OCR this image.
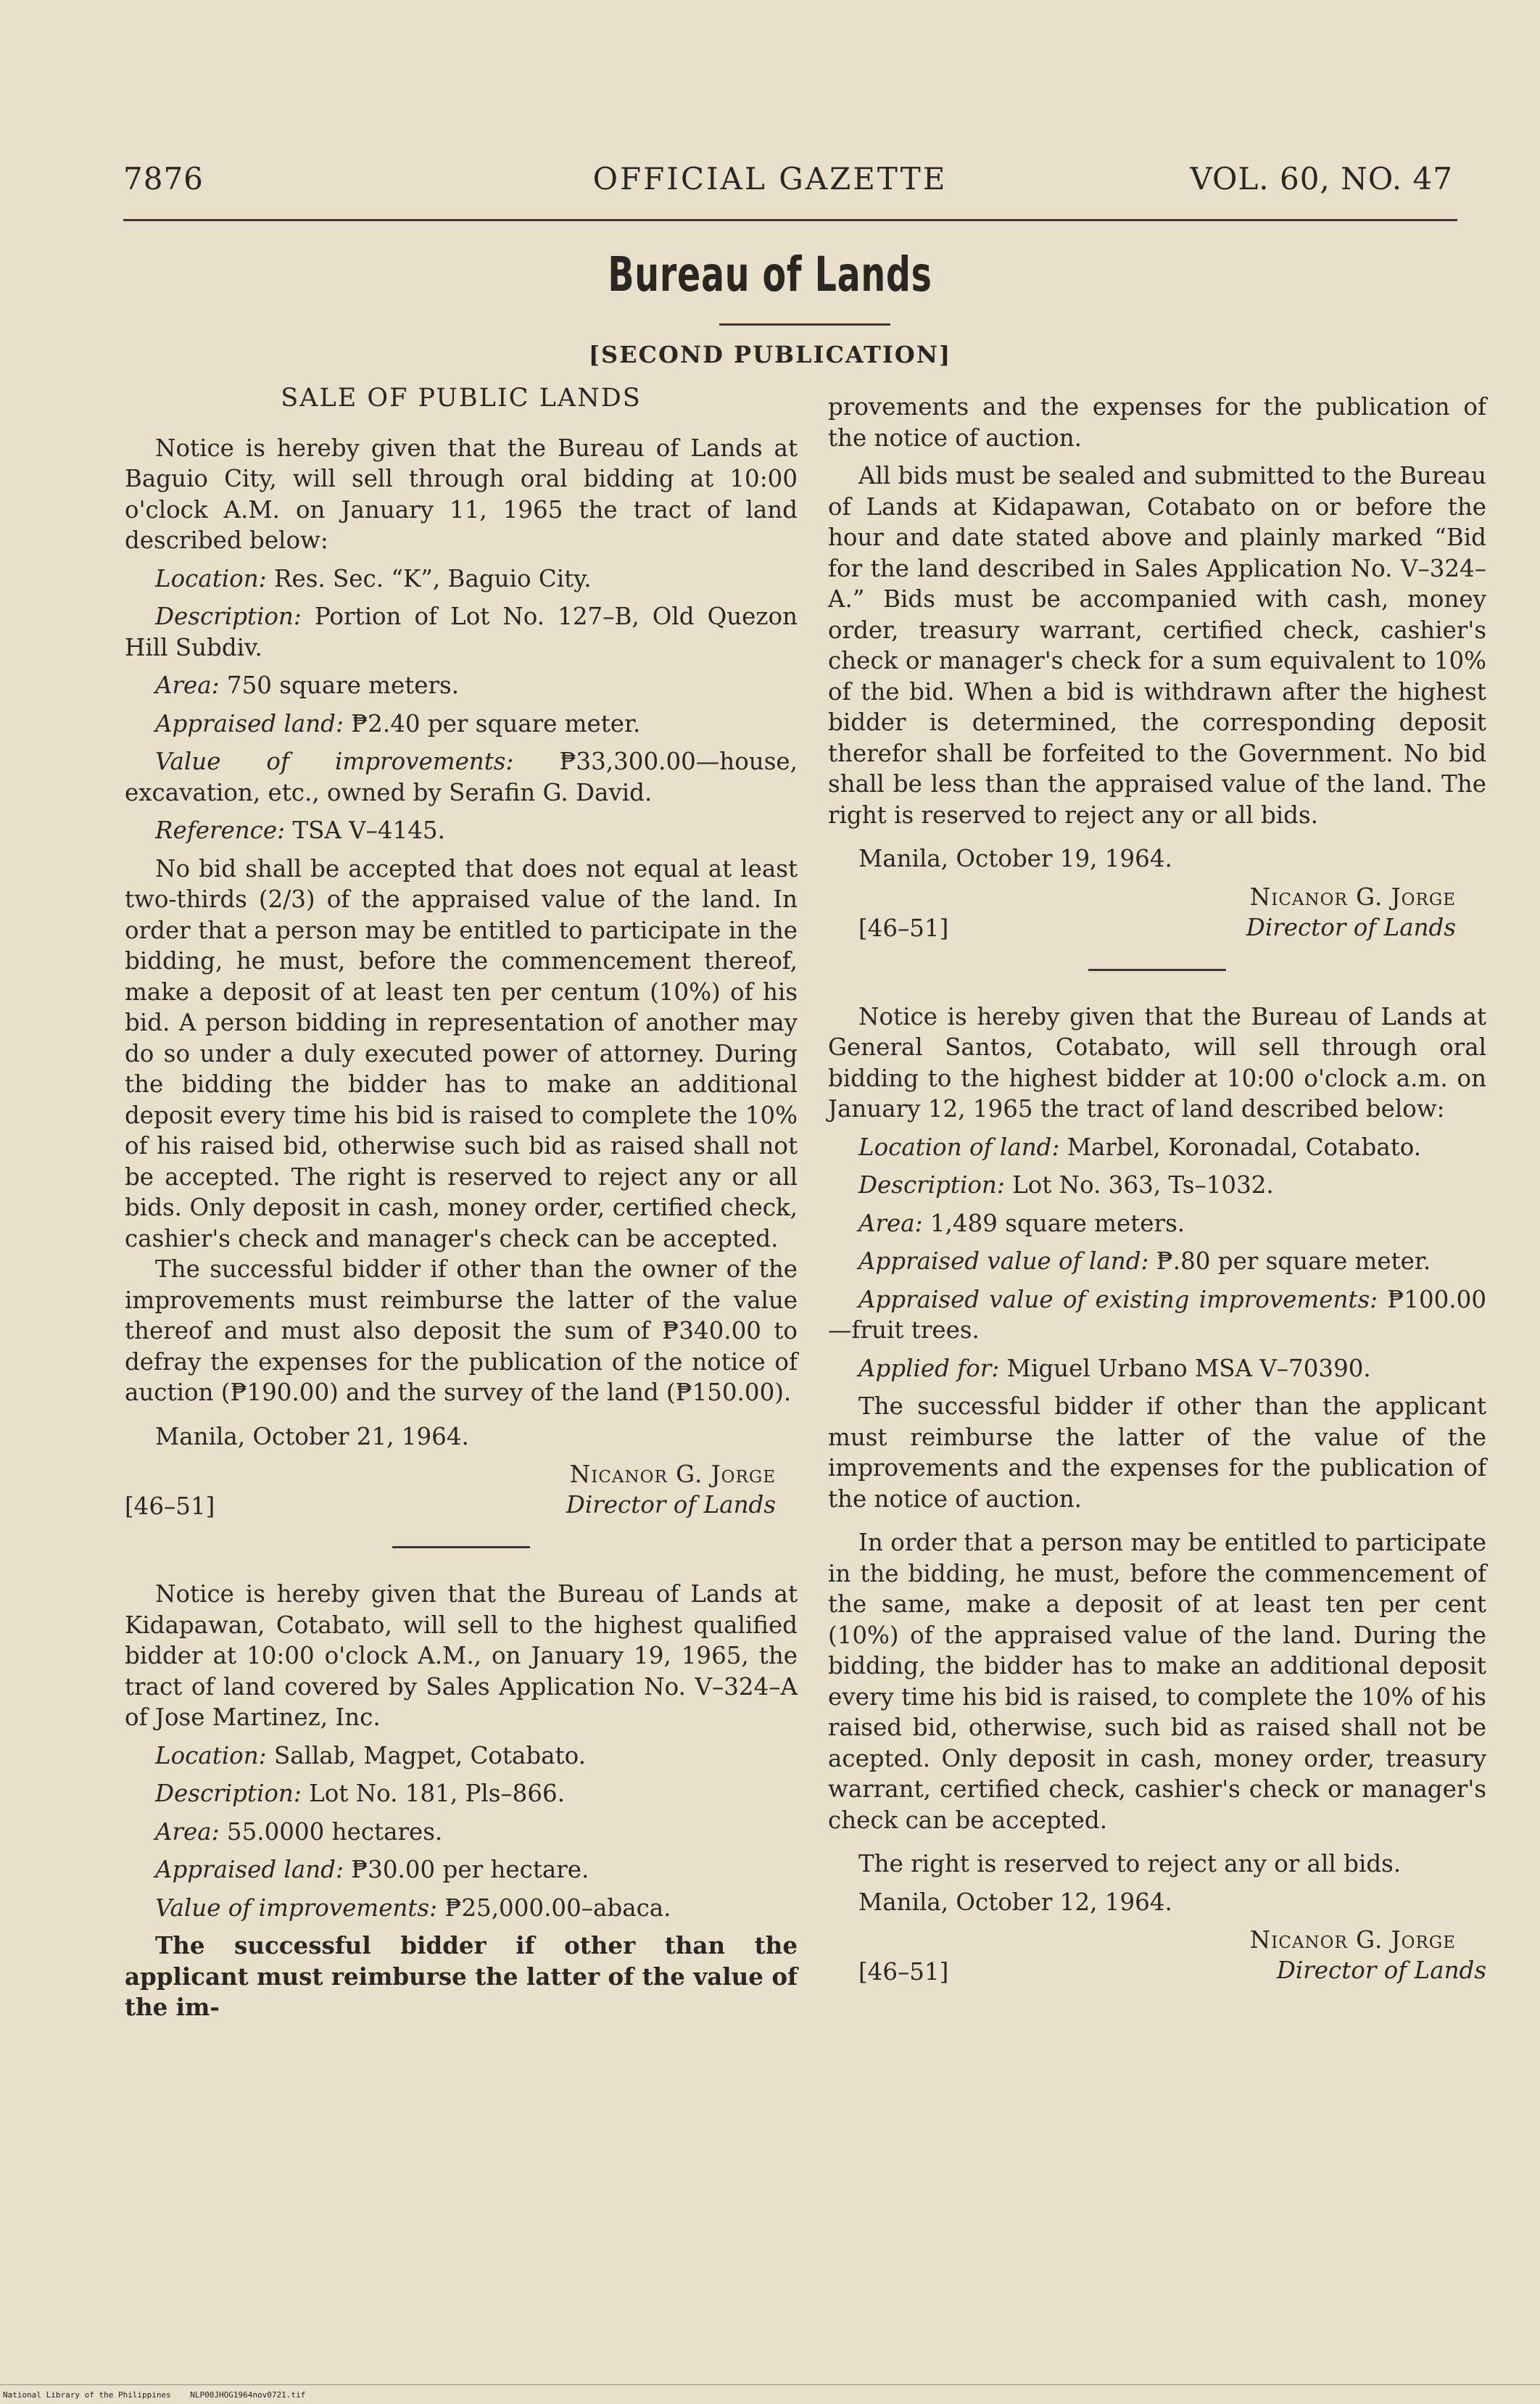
7876	OFFICIAL GAZETTE	VOL. 60, NO. 47
Bureau of Lands
[SECOND PUBLICATION]

SALE OF PUBLIC LANDS

Notice is hereby given that the Bureau of Lands at Baguio City, will sell through oral bidding at 10:00 o'clock A.M. on January 11, 1965 the tract of land described below:

Location: Res. Sec. “K”, Baguio City.

Description: Portion of Lot No. 127–B, Old Quezon Hill Subdiv.

Area: 750 square meters.

Appraised land: ₱2.40 per square meter.

Value of improvements: ₱33,300.00—house, excavation, etc., owned by Serafin G. David.

Reference: TSA V–4145.

No bid shall be accepted that does not equal at least two-thirds (2/3) of the appraised value of the land. In order that a person may be entitled to participate in the bidding, he must, before the commencement thereof, make a deposit of at least ten per centum (10%) of his bid. A person bidding in representation of another may do so under a duly executed power of attorney. During the bidding the bidder has to make an additional deposit every time his bid is raised to complete the 10% of his raised bid, otherwise such bid as raised shall not be accepted. The right is reserved to reject any or all bids. Only deposit in cash, money order, certified check, cashier's check and manager's check can be accepted.

The successful bidder if other than the owner of the improvements must reimburse the latter of the value thereof and must also deposit the sum of ₱340.00 to defray the expenses for the publication of the notice of auction (₱190.00) and the survey of the land (₱150.00).

Manila, October 21, 1964.

[46–51]
Nicanor G. Jorge
Director of Lands

Notice is hereby given that the Bureau of Lands at Kidapawan, Cotabato, will sell to the highest qualified bidder at 10:00 o'clock A.M., on January 19, 1965, the tract of land covered by Sales Application No. V–324–A of Jose Martinez, Inc.

Location: Sallab, Magpet, Cotabato.

Description: Lot No. 181, Pls–866.

Area: 55.0000 hectares.

Appraised land: ₱30.00 per hectare.

Value of improvements: ₱25,000.00–abaca.

The successful bidder if other than the applicant must reimburse the latter of the value of the im-

provements and the expenses for the publication of the notice of auction.

All bids must be sealed and submitted to the Bureau of Lands at Kidapawan, Cotabato on or before the hour and date stated above and plainly marked “Bid for the land described in Sales Application No. V–324–A.” Bids must be accompanied with cash, money order, treasury warrant, certified check, cashier's check or manager's check for a sum equivalent to 10% of the bid. When a bid is withdrawn after the highest bidder is determined, the corresponding deposit therefor shall be forfeited to the Government. No bid shall be less than the appraised value of the land. The right is reserved to reject any or all bids.

Manila, October 19, 1964.

[46–51]
Nicanor G. Jorge
Director of Lands

Notice is hereby given that the Bureau of Lands at General Santos, Cotabato, will sell through oral bidding to the highest bidder at 10:00 o'clock a.m. on January 12, 1965 the tract of land described below:

Location of land: Marbel, Koronadal, Cotabato.

Description: Lot No. 363, Ts–1032.

Area: 1,489 square meters.

Appraised value of land: ₱.80 per square meter.

Appraised value of existing improvements: ₱100.00—fruit trees.

Applied for: Miguel Urbano MSA V–70390.

The successful bidder if other than the applicant must reimburse the latter of the value of the improvements and the expenses for the publication of the notice of auction.

In order that a person may be entitled to participate in the bidding, he must, before the commencement of the same, make a deposit of at least ten per cent (10%) of the appraised value of the land. During the bidding, the bidder has to make an additional deposit every time his bid is raised, to complete the 10% of his raised bid, otherwise, such bid as raised shall not be acepted. Only deposit in cash, money order, treasury warrant, certified check, cashier's check or manager's check can be accepted.

The right is reserved to reject any or all bids.

Manila, October 12, 1964.

[46–51]
Nicanor G. Jorge
Director of Lands
National Library of the Philippines NLP00JHOG1964nov0721.tif
